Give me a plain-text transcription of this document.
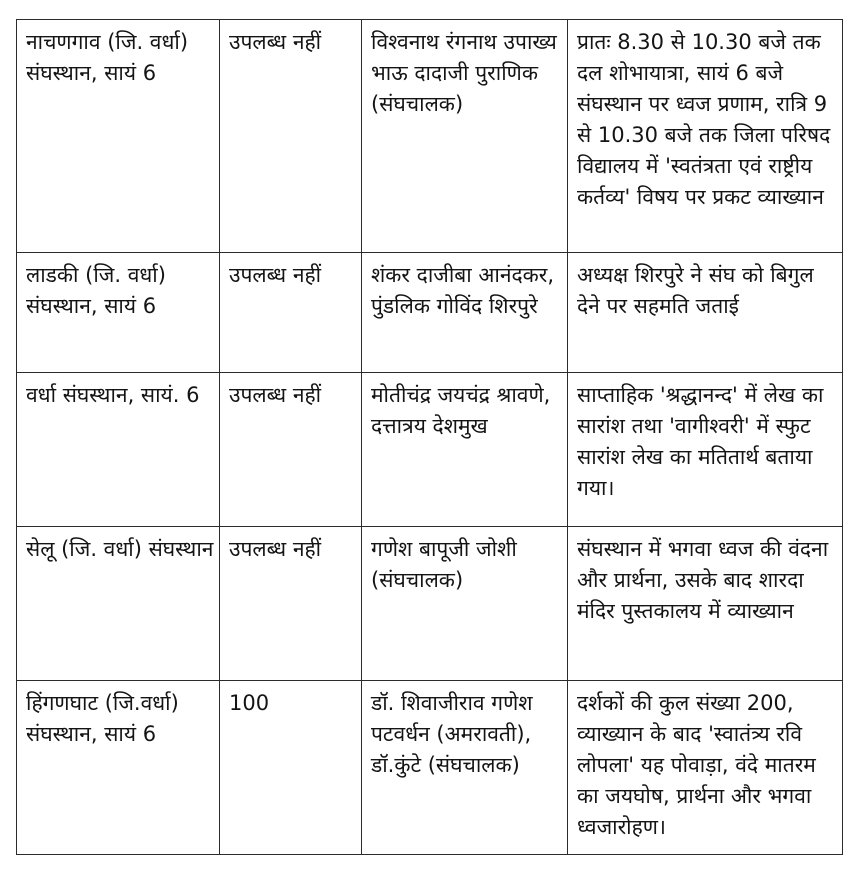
नाचणगाव (जि. वर्धा) संघस्थान, सायं 6	उपलब्ध नहीं	विश्वनाथ रंगनाथ उपाख्य भाऊ दादाजी पुराणिक (संघचालक)	प्रातः 8.30 से 10.30 बजे तक दल शोभायात्रा, सायं 6 बजे संघस्थान पर ध्वज प्रणाम, रात्रि 9 से 10.30 बजे तक जिला परिषद विद्यालय में 'स्वतंत्रता एवं राष्ट्रीय कर्तव्य' विषय पर प्रकट व्याख्यान
लाडकी (जि. वर्धा) संघस्थान, सायं 6	उपलब्ध नहीं	शंकर दाजीबा आनंदकर, पुंडलिक गोविंद शिरपुरे	अध्यक्ष शिरपुरे ने संघ को बिगुल देने पर सहमति जताई
वर्धा संघस्थान, सायं. 6	उपलब्ध नहीं	मोतीचंद्र जयचंद्र श्रावणे, दत्तात्रय देशमुख	साप्ताहिक 'श्रद्धानन्द' में लेख का सारांश तथा 'वागीश्वरी' में स्फुट सारांश लेख का मतितार्थ बताया गया।
सेलू (जि. वर्धा) संघस्थान	उपलब्ध नहीं	गणेश बापूजी जोशी (संघचालक)	संघस्थान में भगवा ध्वज की वंदना और प्रार्थना, उसके बाद शारदा मंदिर पुस्तकालय में व्याख्यान
हिंगणघाट (जि.वर्धा) संघस्थान, सायं 6	100	डॉ. शिवाजीराव गणेश पटवर्धन (अमरावती), डॉ.कुंटे (संघचालक)	दर्शकों की कुल संख्या 200, व्याख्यान के बाद 'स्वातंत्र्य रवि लोपला' यह पोवाड़ा, वंदे मातरम का जयघोष, प्रार्थना और भगवा ध्वजारोहण।
